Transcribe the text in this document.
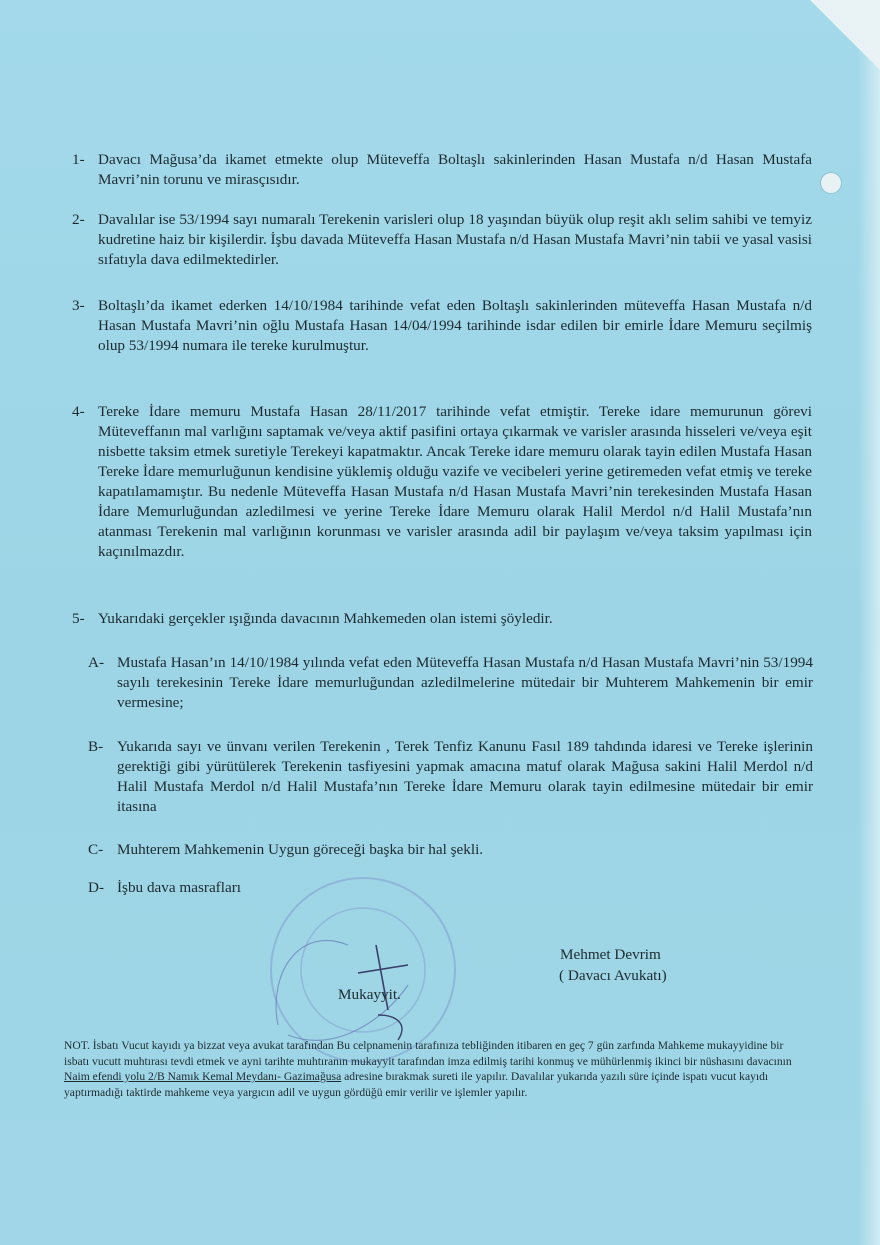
1- Davacı Mağusa’da ikamet etmekte olup Müteveffa Boltaşlı sakinlerinden Hasan Mustafa n/d Hasan Mustafa Mavri’nin torunu ve mirasçısıdır.
2- Davalılar ise 53/1994 sayı numaralı Terekenin varisleri olup 18 yaşından büyük olup reşit aklı selim sahibi ve temyiz kudretine haiz bir kişilerdir. İşbu davada Müteveffa Hasan Mustafa n/d Hasan Mustafa Mavri’nin tabii ve yasal vasisi sıfatıyla dava edilmektedirler.
3- Boltaşlı’da ikamet ederken 14/10/1984 tarihinde vefat eden Boltaşlı sakinlerinden müteveffa Hasan Mustafa n/d Hasan Mustafa Mavri’nin oğlu Mustafa Hasan 14/04/1994 tarihinde isdar edilen bir emirle İdare Memuru seçilmiş olup 53/1994 numara ile tereke kurulmuştur.
4- Tereke İdare memuru Mustafa Hasan 28/11/2017 tarihinde vefat etmiştir. Tereke idare memurunun görevi Müteveffanın mal varlığını saptamak ve/veya aktif pasifini ortaya çıkarmak ve varisler arasında hisseleri ve/veya eşit nisbette taksim etmek suretiyle Terekeyi kapatmaktır. Ancak Tereke idare memuru olarak tayin edilen Mustafa Hasan Tereke İdare memurluğunun kendisine yüklemiş olduğu vazife ve vecibeleri yerine getiremeden vefat etmiş ve tereke kapatılamamıştır. Bu nedenle Müteveffa Hasan Mustafa n/d Hasan Mustafa Mavri’nin terekesinden Mustafa Hasan İdare Memurluğundan azledilmesi ve yerine Tereke İdare Memuru olarak Halil Merdol n/d Halil Mustafa’nın atanması Terekenin mal varlığının korunması ve varisler arasında adil bir paylaşım ve/veya taksim yapılması için kaçınılmazdır.
5- Yukarıdaki gerçekler ışığında davacının Mahkemeden olan istemi şöyledir.
A- Mustafa Hasan’ın 14/10/1984 yılında vefat eden Müteveffa Hasan Mustafa n/d Hasan Mustafa Mavri’nin 53/1994 sayılı terekesinin Tereke İdare memurluğundan azledilmelerine mütedair bir Muhterem Mahkemenin bir emir vermesine;
B- Yukarıda sayı ve ünvanı verilen Terekenin , Terek Tenfiz Kanunu Fasıl 189 tahdında idaresi ve Tereke işlerinin gerektiği gibi yürütülerek Terekenin tasfiyesini yapmak amacına matuf olarak Mağusa sakini Halil Merdol n/d Halil Mustafa Merdol n/d Halil Mustafa’nın Tereke İdare Memuru olarak tayin edilmesine mütedair bir emir itasına
C- Muhterem Mahkemenin Uygun göreceği başka bir hal şekli.
D- İşbu dava masrafları
Mehmet Devrim
( Davacı Avukatı)
Mukayyit.
NOT. İsbatı Vucut kayıdı ya bizzat veya avukat tarafından Bu celpnamenin tarafınıza tebliğinden itibaren en geç 7 gün zarfında Mahkeme mukayyidine bir isbatı vucutt muhtırası tevdi etmek ve ayni tarihte muhtıranın mukayyit tarafından imza edilmiş tarihi konmuş ve mühürlenmiş ikinci bir nüshasını davacının Naim efendi yolu 2/B Namık Kemal Meydanı- Gazimağusa adresine bırakmak sureti ile yapılır. Davalılar yukarıda yazılı süre içinde ispatı vucut kayıdı yaptırmadığı taktirde mahkeme veya yargıcın adil ve uygun gördüğü emir verilir ve işlemler yapılır.
